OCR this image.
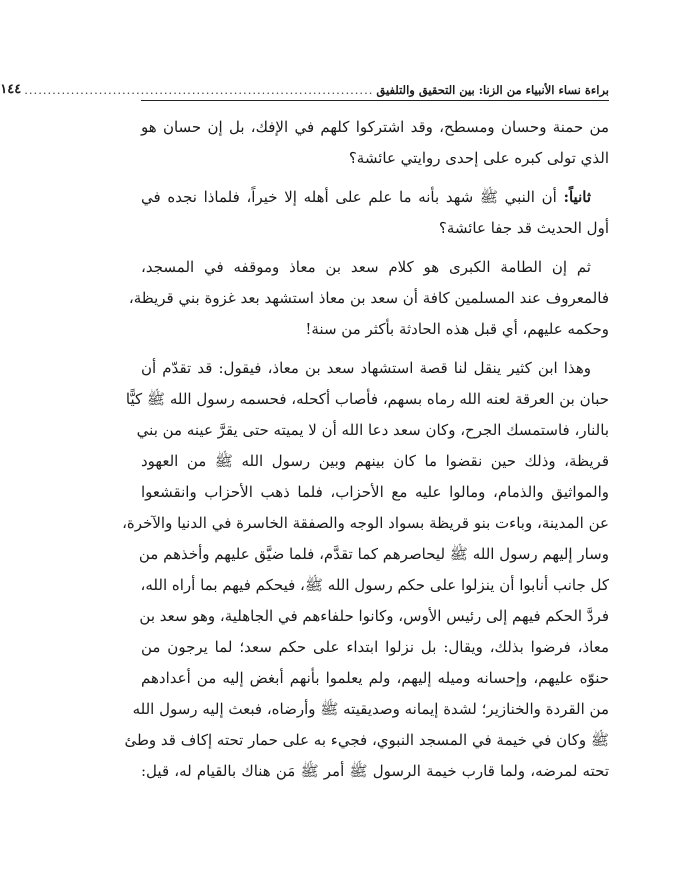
براءة نساء الأنبياء من الزنا: بين التحقيق والتلفيق
...........................................................................
١٤٤
من حمنة وحسان ومسطح، وقد اشتركوا كلهم في الإفك، بل إن حسان هو
الذي تولى كبره على إحدى روايتي عائشة؟
ثانياً: أن النبي ﷺ شهد بأنه ما علم على أهله إلا خيراً، فلماذا نجده في
أول الحديث قد جفا عائشة؟
ثم إن الطامة الكبرى هو كلام سعد بن معاذ وموقفه في المسجد،
فالمعروف عند المسلمين كافة أن سعد بن معاذ استشهد بعد غزوة بني قريظة،
وحكمه عليهم، أي قبل هذه الحادثة بأكثر من سنة!
وهذا ابن كثير ينقل لنا قصة استشهاد سعد بن معاذ، فيقول: قد تقدّم أن
حبان بن العرقة لعنه الله رماه بسهم، فأصاب أكحله، فحسمه رسول الله ﷺ كيًّا
بالنار، فاستمسك الجرح، وكان سعد دعا الله أن لا يميته حتى يقرَّ عينه من بني
قريظة، وذلك حين نقضوا ما كان بينهم وبين رسول الله ﷺ من العهود
والمواثيق والذمام، ومالوا عليه مع الأحزاب، فلما ذهب الأحزاب وانقشعوا
عن المدينة، وباءت بنو قريظة بسواد الوجه والصفقة الخاسرة في الدنيا والآخرة،
وسار إليهم رسول الله ﷺ ليحاصرهم كما تقدَّم، فلما ضيَّق عليهم وأخذهم من
كل جانب أنابوا أن ينزلوا على حكم رسول الله ﷺ، فيحكم فيهم بما أراه الله،
فردَّ الحكم فيهم إلى رئيس الأوس، وكانوا حلفاءهم في الجاهلية، وهو سعد بن
معاذ، فرضوا بذلك، ويقال: بل نزلوا ابتداء على حكم سعد؛ لما يرجون من
حنوّه عليهم، وإحسانه وميله إليهم، ولم يعلموا بأنهم أبغض إليه من أعدادهم
من القردة والخنازير؛ لشدة إيمانه وصديقيته ﷺ وأرضاه، فبعث إليه رسول الله
ﷺ وكان في خيمة في المسجد النبوي، فجيء به على حمار تحته إكاف قد وطئ
تحته لمرضه، ولما قارب خيمة الرسول ﷺ أمر ﷺ مَن هناك بالقيام له، قيل:
